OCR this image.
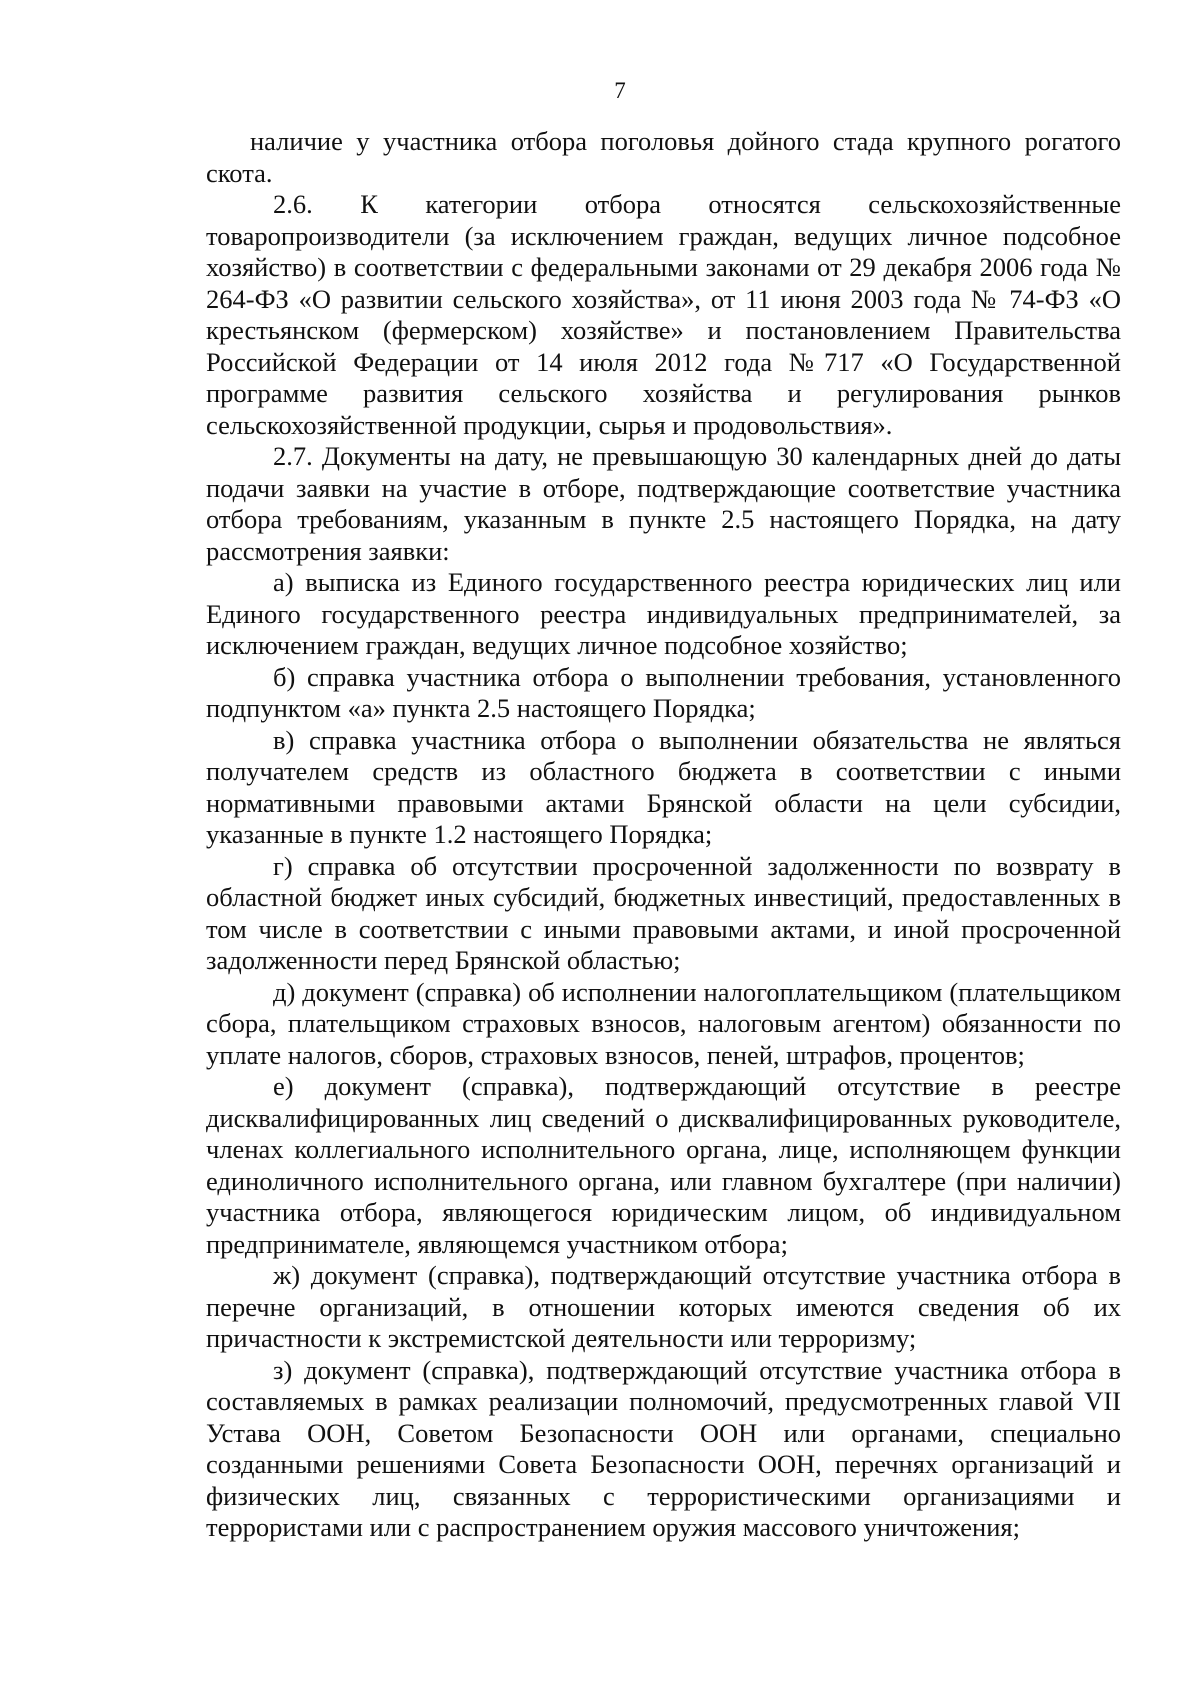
7

наличие у участника отбора поголовья дойного стада крупного рогатого скота.

2.6. К категории отбора относятся сельскохозяйственные товаропроизводители (за исключением граждан, ведущих личное подсобное хозяйство) в соответствии с федеральными законами от 29 декабря 2006 года № 264-ФЗ «О развитии сельского хозяйства», от 11 июня 2003 года № 74-ФЗ «О крестьянском (фермерском) хозяйстве» и постановлением Правительства Российской Федерации от 14 июля 2012 года №717 «О Государственной программе развития сельского хозяйства и регулирования рынков сельскохозяйственной продукции, сырья и продовольствия».

2.7. Документы на дату, не превышающую 30 календарных дней до даты подачи заявки на участие в отборе, подтверждающие соответствие участника отбора требованиям, указанным в пункте 2.5 настоящего Порядка, на дату рассмотрения заявки:

а) выписка из Единого государственного реестра юридических лиц или Единого государственного реестра индивидуальных предпринимателей, за исключением граждан, ведущих личное подсобное хозяйство;

б) справка участника отбора о выполнении требования, установленного подпунктом «а» пункта 2.5 настоящего Порядка;

в) справка участника отбора о выполнении обязательства не являться получателем средств из областного бюджета в соответствии с иными нормативными правовыми актами Брянской области на цели субсидии, указанные в пункте 1.2 настоящего Порядка;

г) справка об отсутствии просроченной задолженности по возврату в областной бюджет иных субсидий, бюджетных инвестиций, предоставленных в том числе в соответствии с иными правовыми актами, и иной просроченной задолженности перед Брянской областью;

д) документ (справка) об исполнении налогоплательщиком (плательщиком сбора, плательщиком страховых взносов, налоговым агентом) обязанности по уплате налогов, сборов, страховых взносов, пеней, штрафов, процентов;

е) документ (справка), подтверждающий отсутствие в реестре дисквалифицированных лиц сведений о дисквалифицированных руководителе, членах коллегиального исполнительного органа, лице, исполняющем функции единоличного исполнительного органа, или главном бухгалтере (при наличии) участника отбора, являющегося юридическим лицом, об индивидуальном предпринимателе, являющемся участником отбора;

ж) документ (справка), подтверждающий отсутствие участника отбора в перечне организаций, в отношении которых имеются сведения об их причастности к экстремистской деятельности или терроризму;

з) документ (справка), подтверждающий отсутствие участника отбора в составляемых в рамках реализации полномочий, предусмотренных главой VII Устава ООН, Советом Безопасности ООН или органами, специально созданными решениями Совета Безопасности ООН, перечнях организаций и физических лиц, связанных с террористическими организациями и террористами или с распространением оружия массового уничтожения;
